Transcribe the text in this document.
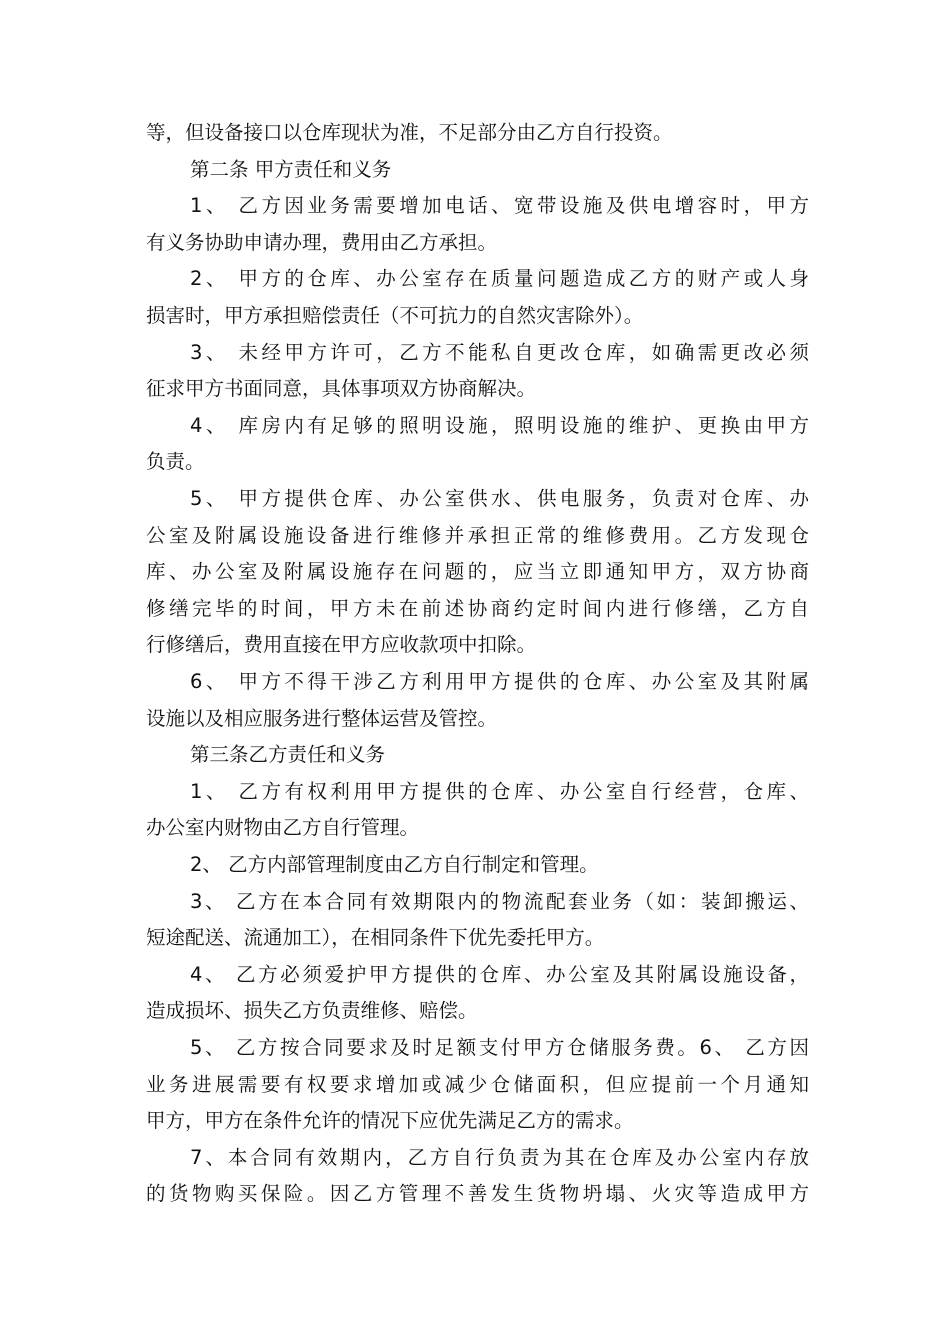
等，但设备接口以仓库现状为准，不足部分由乙方自行投资。
第二条 甲方责任和义务
1、 乙方因业务需要增加电话、宽带设施及供电增容时，甲方
有义务协助申请办理，费用由乙方承担。
2、 甲方的仓库、办公室存在质量问题造成乙方的财产或人身
损害时，甲方承担赔偿责任（不可抗力的自然灾害除外）。
3、 未经甲方许可，乙方不能私自更改仓库，如确需更改必须
征求甲方书面同意，具体事项双方协商解决。
4、 库房内有足够的照明设施，照明设施的维护、更换由甲方
负责。
5、 甲方提供仓库、办公室供水、供电服务，负责对仓库、办
公室及附属设施设备进行维修并承担正常的维修费用。乙方发现仓
库、办公室及附属设施存在问题的，应当立即通知甲方，双方协商
修缮完毕的时间，甲方未在前述协商约定时间内进行修缮，乙方自
行修缮后，费用直接在甲方应收款项中扣除。
6、 甲方不得干涉乙方利用甲方提供的仓库、办公室及其附属
设施以及相应服务进行整体运营及管控。
第三条乙方责任和义务
1、 乙方有权利用甲方提供的仓库、办公室自行经营，仓库、
办公室内财物由乙方自行管理。
2、 乙方内部管理制度由乙方自行制定和管理。
3、 乙方在本合同有效期限内的物流配套业务（如：装卸搬运、
短途配送、流通加工），在相同条件下优先委托甲方。
4、 乙方必须爱护甲方提供的仓库、办公室及其附属设施设备，
造成损坏、损失乙方负责维修、赔偿。
5、 乙方按合同要求及时足额支付甲方仓储服务费。6、 乙方因
业务进展需要有权要求增加或减少仓储面积，但应提前一个月通知
甲方，甲方在条件允许的情况下应优先满足乙方的需求。
7、本合同有效期内，乙方自行负责为其在仓库及办公室内存放
的货物购买保险。因乙方管理不善发生货物坍塌、火灾等造成甲方
